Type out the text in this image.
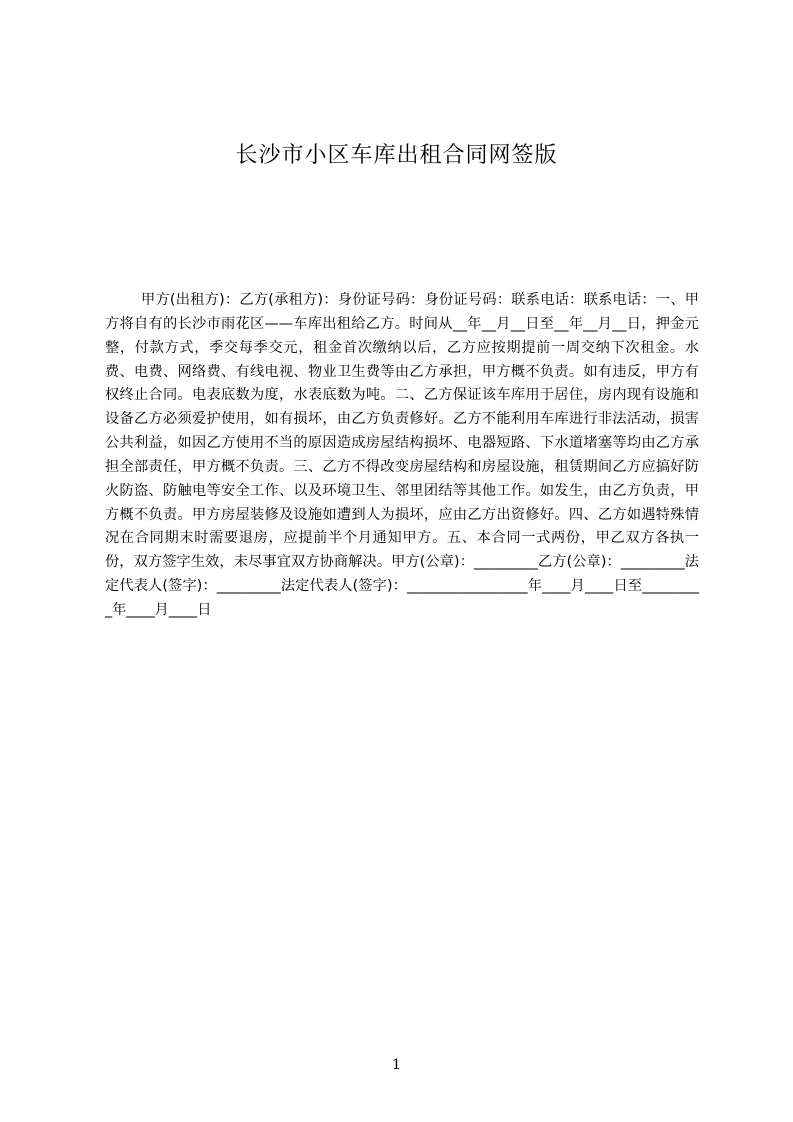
长沙市小区车库出租合同网签版

甲方(出租方)：乙方(承租方)：身份证号码：身份证号码：联系电话：联系电话：一、甲方将自有的长沙市雨花区——车库出租给乙方。时间从__年__月__日至__年__月__日，押金元整，付款方式，季交每季交元，租金首次缴纳以后，乙方应按期提前一周交纳下次租金。水费、电费、网络费、有线电视、物业卫生费等由乙方承担，甲方概不负责。如有违反，甲方有权终止合同。电表底数为度，水表底数为吨。二、乙方保证该车库用于居住，房内现有设施和设备乙方必须爱护使用，如有损坏，由乙方负责修好。乙方不能利用车库进行非法活动，损害公共利益，如因乙方使用不当的原因造成房屋结构损坏、电器短路、下水道堵塞等均由乙方承担全部责任，甲方概不负责。三、乙方不得改变房屋结构和房屋设施，租赁期间乙方应搞好防火防盗、防触电等安全工作、以及环境卫生、邻里团结等其他工作。如发生，由乙方负责，甲方概不负责。甲方房屋装修及设施如遭到人为损坏，应由乙方出资修好。四、乙方如遇特殊情况在合同期末时需要退房，应提前半个月通知甲方。五、本合同一式两份，甲乙双方各执一份，双方签字生效，未尽事宜双方协商解决。甲方(公章)：_________乙方(公章)：_________法定代表人(签字)：_________法定代表人(签字)：_________________年____月____日至_________年____月____日

1
